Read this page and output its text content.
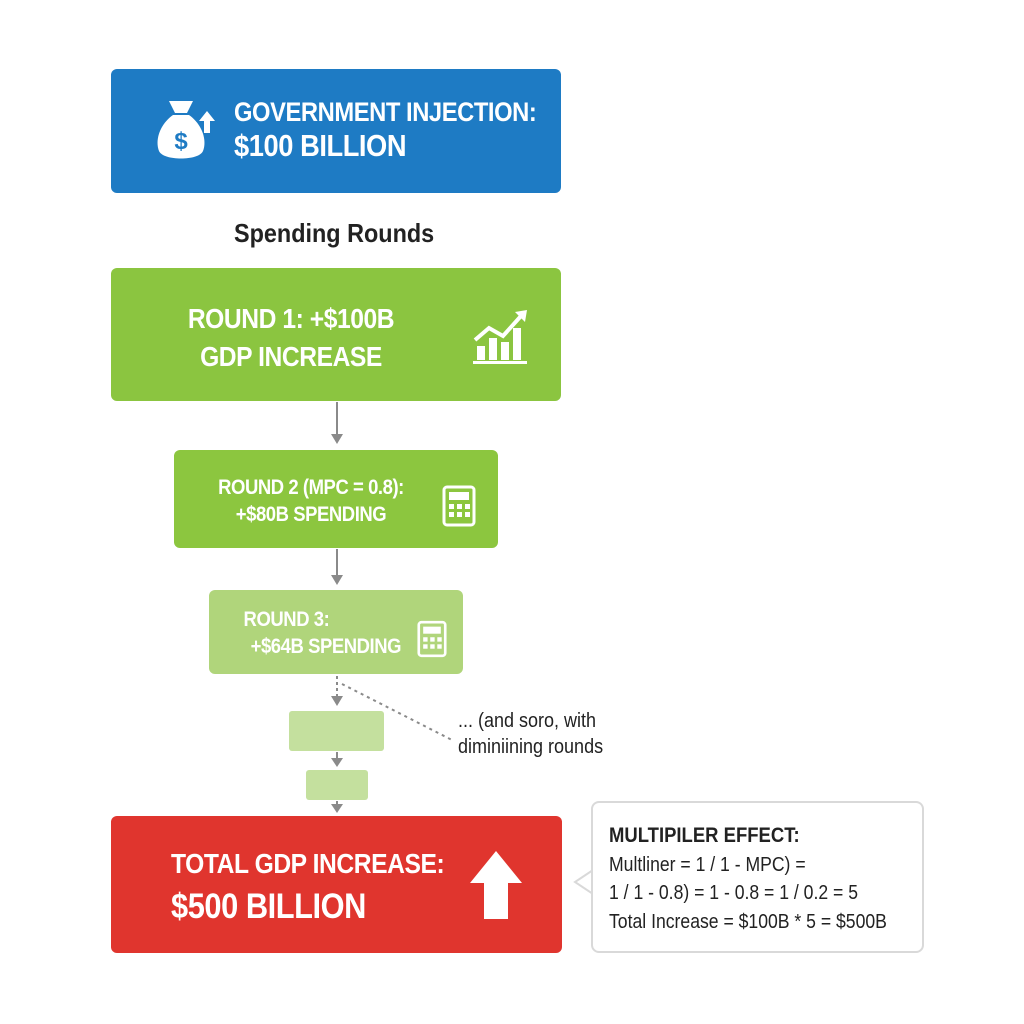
$
GOVERNMENT INJECTION:
$100 BILLION
Spending Rounds
ROUND 1: +$100B
GDP INCREASE
ROUND 2 (MPC = 0.8):
+$80B SPENDING
ROUND 3:
+$64B SPENDING
... (and soro, with
diminiining rounds
TOTAL GDP INCREASE:
$500 BILLION
MULTIPILER EFFECT:
Multliner = 1 / 1 - MPC) =
1 / 1 - 0.8) = 1 - 0.8 = 1 / 0.2 = 5
Total Increase = $100B * 5 = $500B
